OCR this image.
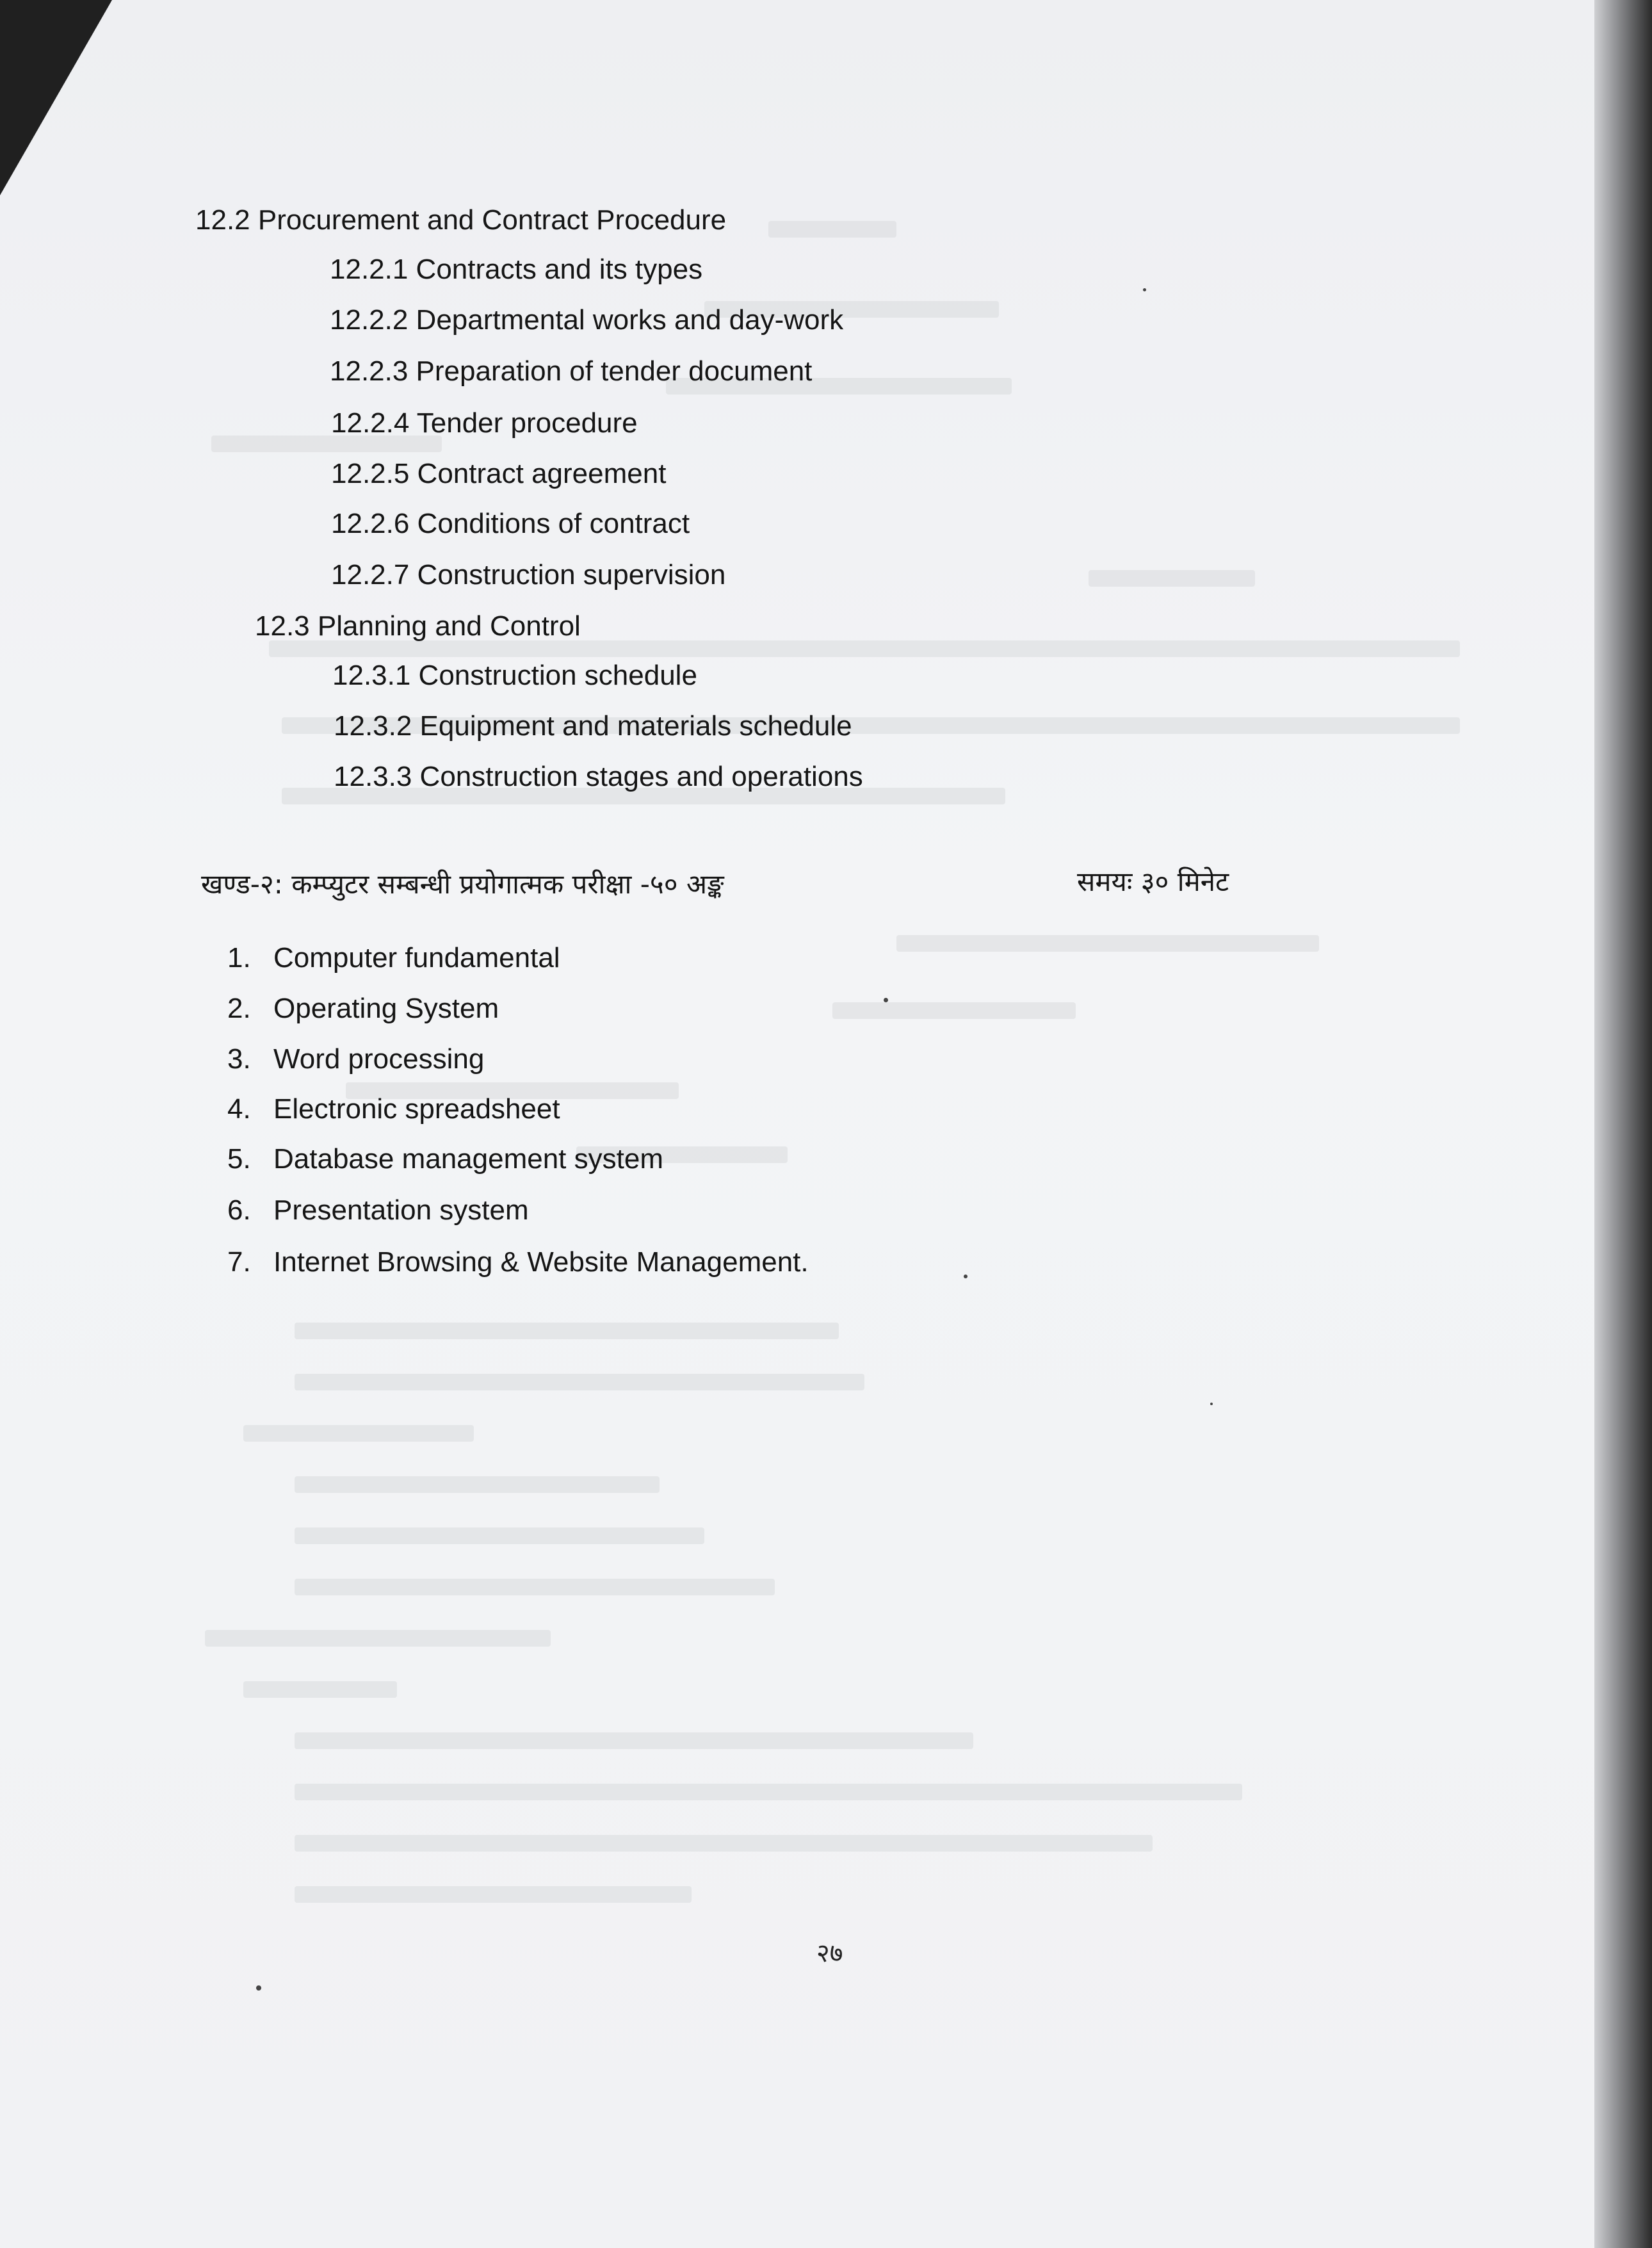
12.2 Procurement and Contract Procedure
12.2.1 Contracts and its types
12.2.2 Departmental works and day-work
12.2.3 Preparation of tender document
12.2.4 Tender procedure
12.2.5 Contract agreement
12.2.6 Conditions of contract
12.2.7 Construction supervision
12.3 Planning and Control
12.3.1 Construction schedule
12.3.2 Equipment and materials schedule
12.3.3 Construction stages and operations
खण्ड-२: कम्प्युटर सम्बन्धी प्रयोगात्मक परीक्षा -५० अङ्क	समयः ३० मिनेट
1. Computer fundamental
2. Operating System
3. Word processing
4. Electronic spreadsheet
5. Database management system
6. Presentation system
7. Internet Browsing & Website Management.
२७
